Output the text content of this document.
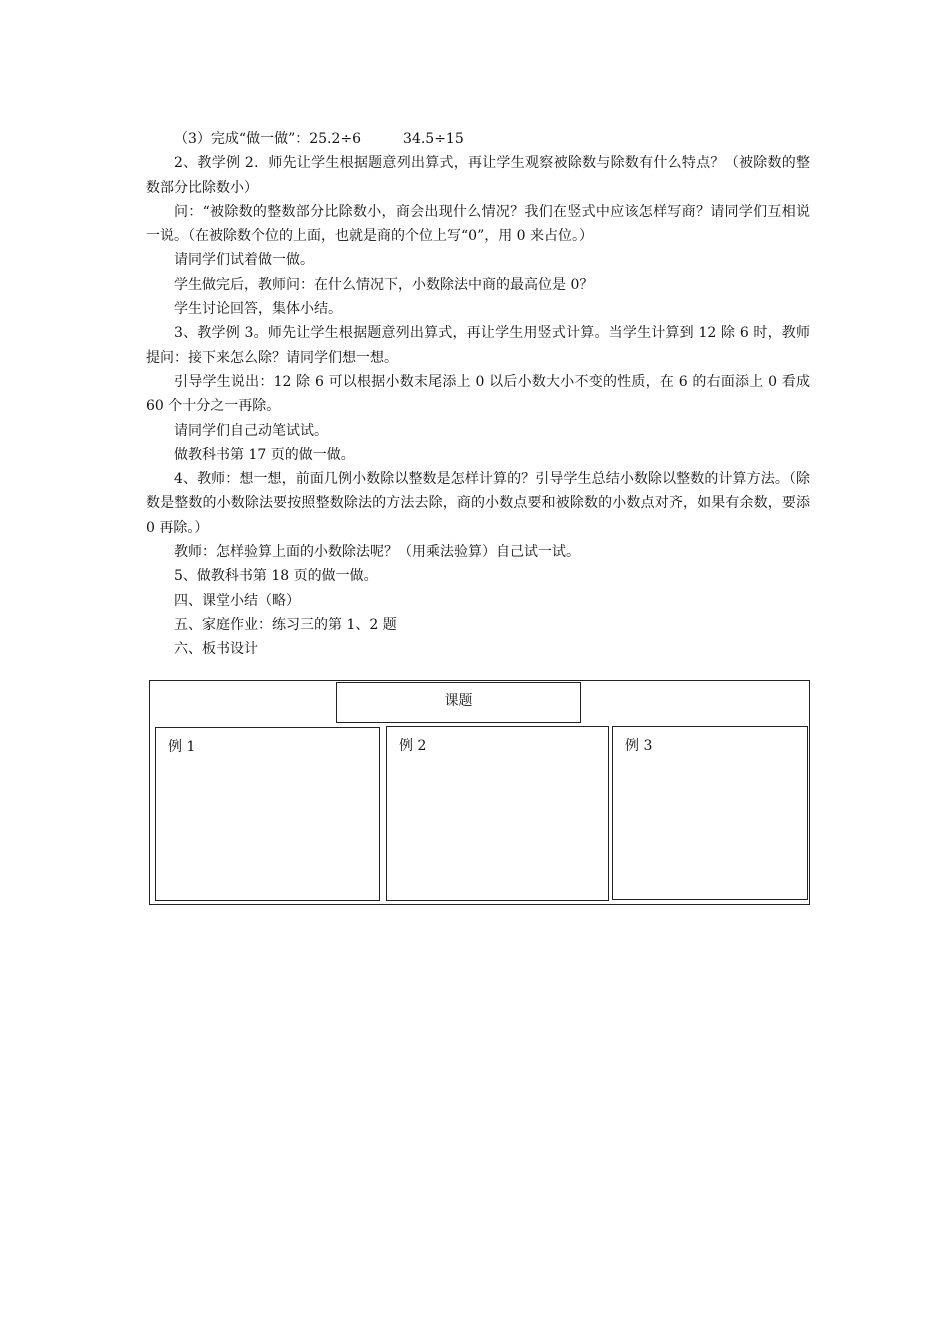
（3）完成“做一做”：25.2÷6　　　34.5÷15

2、教学例 2．师先让学生根据题意列出算式，再让学生观察被除数与除数有什么特点？（被除数的整数部分比除数小）

问：“被除数的整数部分比除数小，商会出现什么情况？我们在竖式中应该怎样写商？请同学们互相说一说。（在被除数个位的上面，也就是商的个位上写“0”，用 0 来占位。）

请同学们试着做一做。

学生做完后，教师问：在什么情况下，小数除法中商的最高位是 0？

学生讨论回答，集体小结。

3、教学例 3。师先让学生根据题意列出算式，再让学生用竖式计算。当学生计算到 12 除 6 时，教师提问：接下来怎么除？请同学们想一想。

引导学生说出：12 除 6 可以根据小数末尾添上 0 以后小数大小不变的性质，在 6 的右面添上 0 看成 60 个十分之一再除。

请同学们自己动笔试试。

做教科书第 17 页的做一做。

4、教师：想一想，前面几例小数除以整数是怎样计算的？引导学生总结小数除以整数的计算方法。（除数是整数的小数除法要按照整数除法的方法去除，商的小数点要和被除数的小数点对齐，如果有余数，要添 0 再除。）

教师：怎样验算上面的小数除法呢？（用乘法验算）自己试一试。

5、做教科书第 18 页的做一做。

四、课堂小结（略）

五、家庭作业：练习三的第 1、2 题

六、板书设计

课题
例 1	例 2	例 3
